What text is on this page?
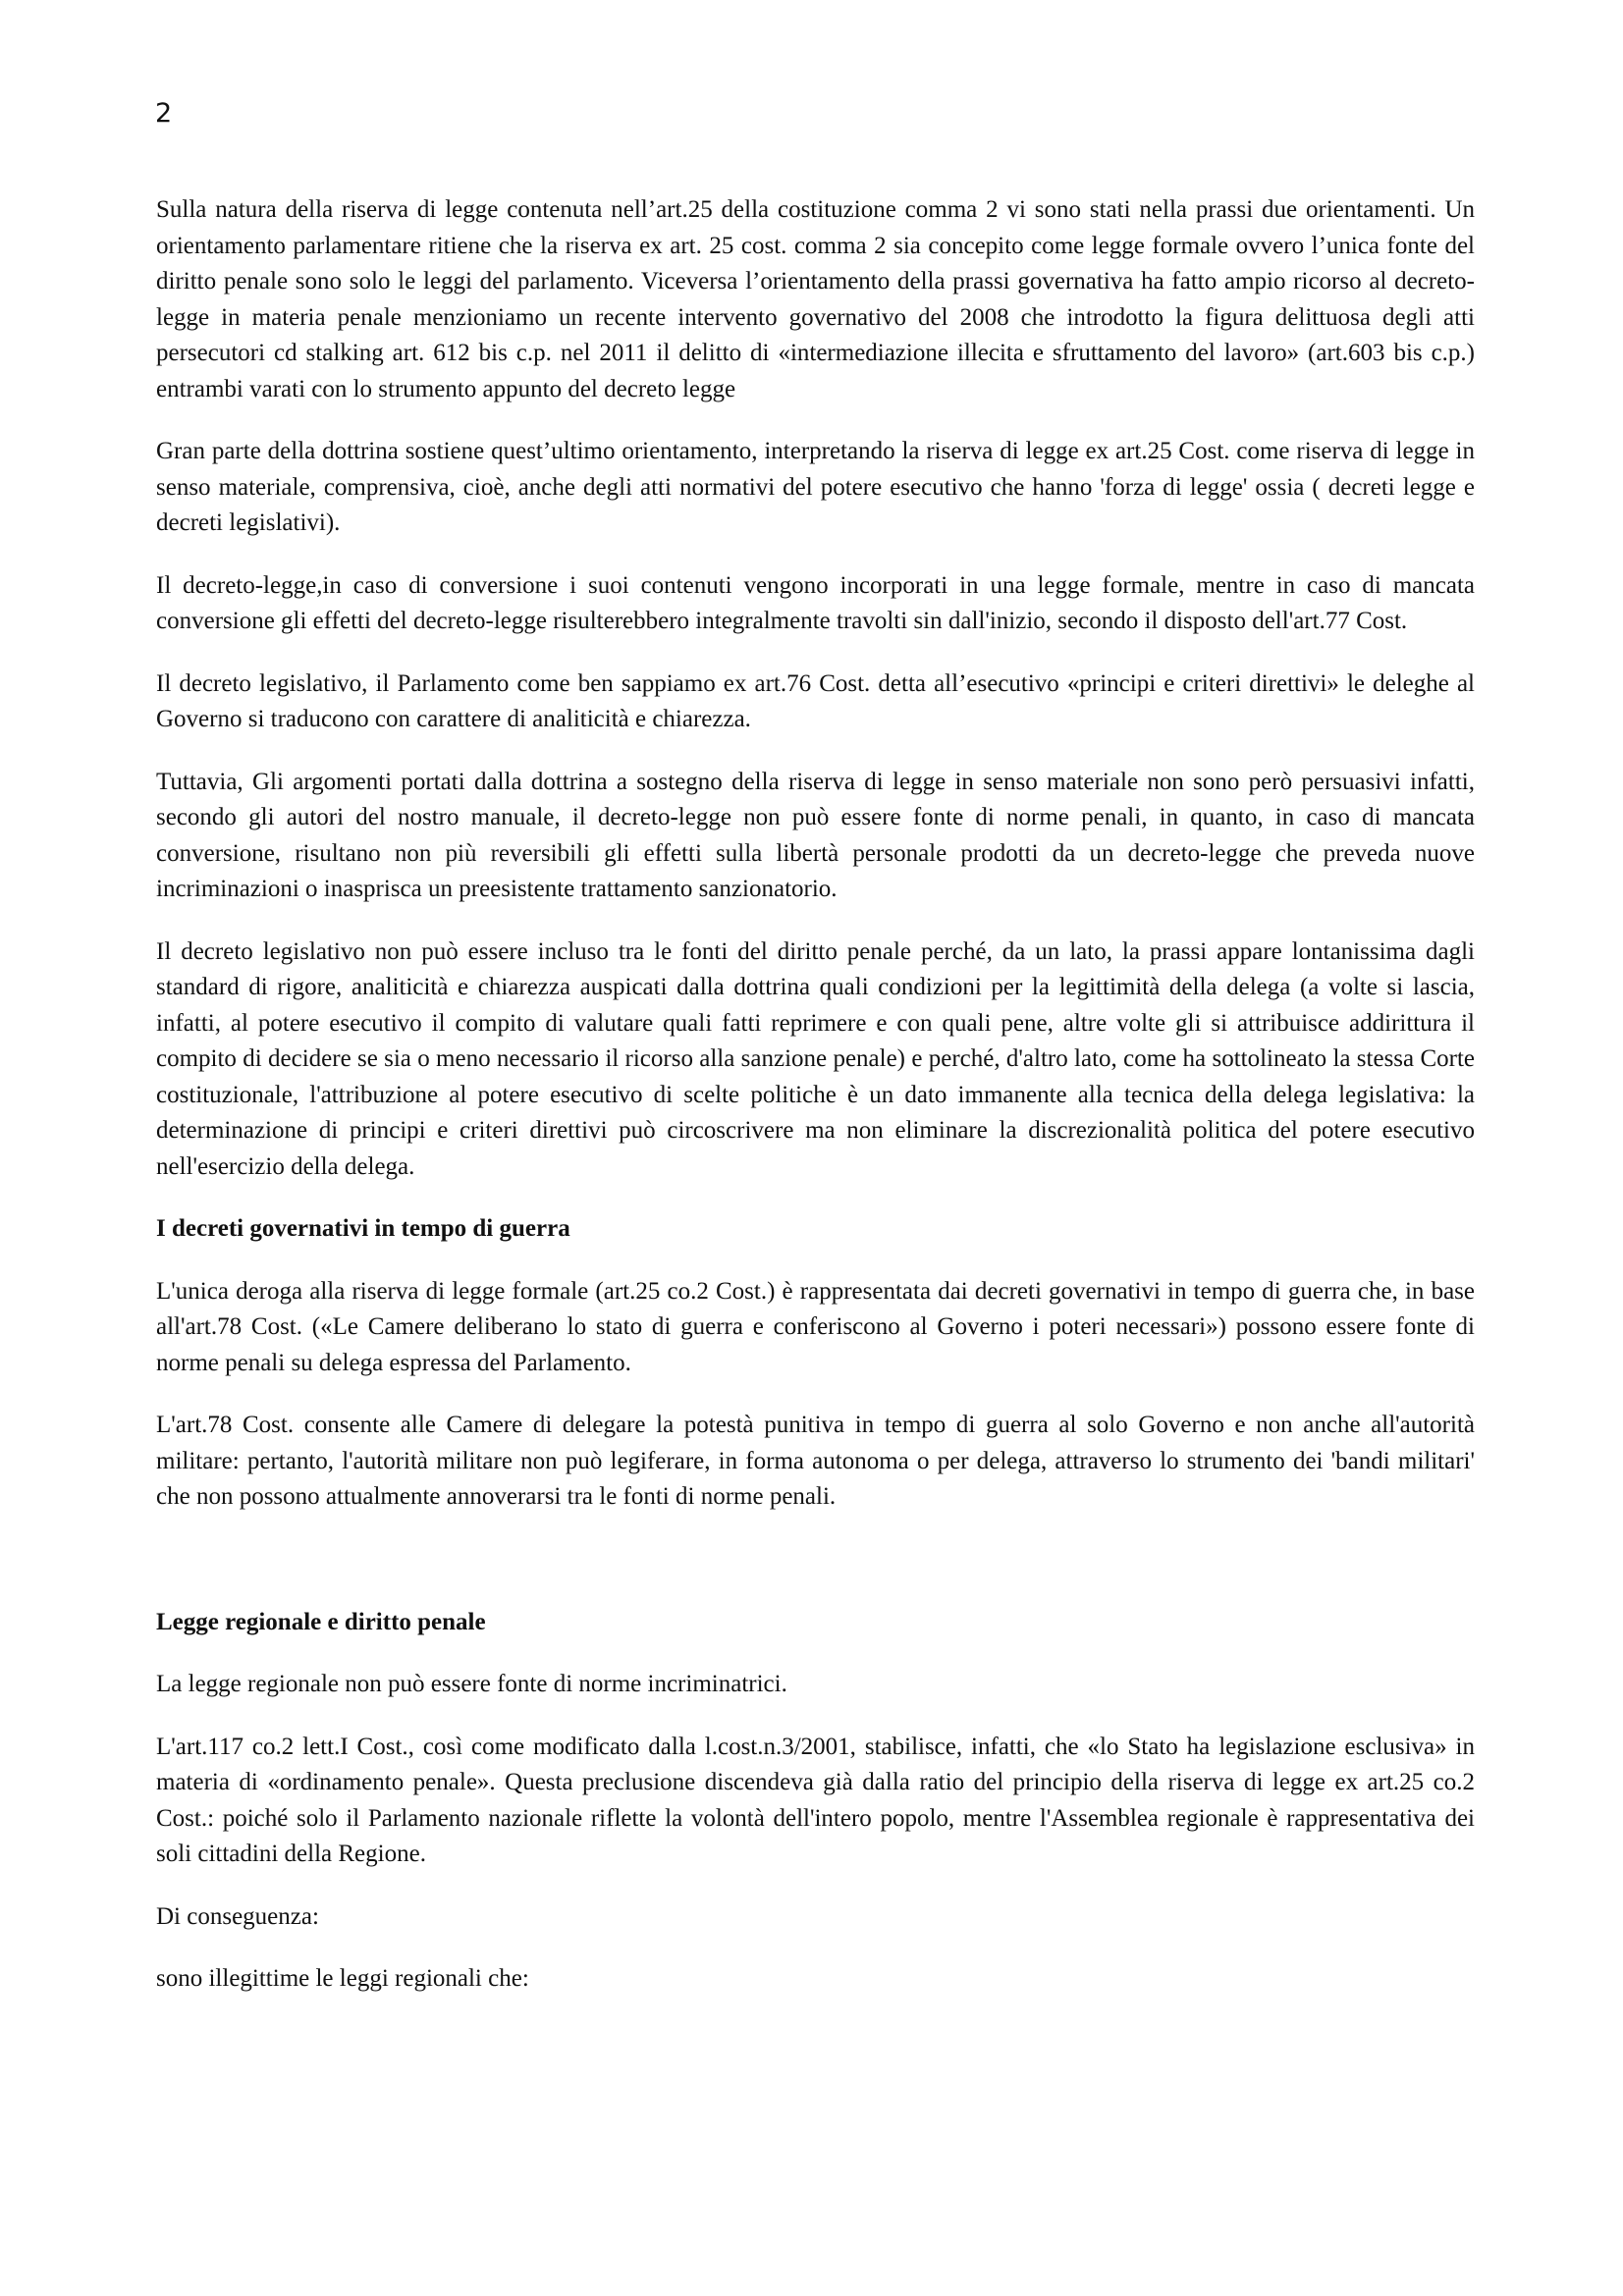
2

Sulla natura della riserva di legge contenuta nell’art.25 della costituzione comma 2 vi sono stati nella prassi due orientamenti. Un orientamento parlamentare ritiene che la riserva ex art. 25 cost. comma 2 sia concepito come legge formale ovvero l’unica fonte del diritto penale sono solo le leggi del parlamento. Viceversa l’orientamento della prassi governativa ha fatto ampio ricorso al decreto-legge in materia penale menzioniamo un recente intervento governativo del 2008 che introdotto la figura delittuosa degli atti persecutori cd stalking art. 612 bis c.p. nel 2011 il delitto di «intermediazione illecita e sfruttamento del lavoro» (art.603 bis c.p.) entrambi varati con lo strumento appunto del decreto legge

Gran parte della dottrina sostiene quest’ultimo orientamento, interpretando la riserva di legge ex art.25 Cost. come riserva di legge in senso materiale, comprensiva, cioè, anche degli atti normativi del potere esecutivo che hanno 'forza di legge' ossia ( decreti legge e decreti legislativi).

Il decreto-legge,in caso di conversione i suoi contenuti vengono incorporati in una legge formale, mentre in caso di mancata conversione gli effetti del decreto-legge risulterebbero integralmente travolti sin dall'inizio, secondo il disposto dell'art.77 Cost.

Il decreto legislativo, il Parlamento come ben sappiamo ex art.76 Cost. detta all’esecutivo «principi e criteri direttivi» le deleghe al Governo si traducono con carattere di analiticità e chiarezza.

Tuttavia, Gli argomenti portati dalla dottrina a sostegno della riserva di legge in senso materiale non sono però persuasivi infatti, secondo gli autori del nostro manuale, il decreto-legge non può essere fonte di norme penali, in quanto, in caso di mancata conversione, risultano non più reversibili gli effetti sulla libertà personale prodotti da un decreto-legge che preveda nuove incriminazioni o inasprisca un preesistente trattamento sanzionatorio.

Il decreto legislativo non può essere incluso tra le fonti del diritto penale perché, da un lato, la prassi appare lontanissima dagli standard di rigore, analiticità e chiarezza auspicati dalla dottrina quali condizioni per la legittimità della delega (a volte si lascia, infatti, al potere esecutivo il compito di valutare quali fatti reprimere e con quali pene, altre volte gli si attribuisce addirittura il compito di decidere se sia o meno necessario il ricorso alla sanzione penale) e perché, d'altro lato, come ha sottolineato la stessa Corte costituzionale, l'attribuzione al potere esecutivo di scelte politiche è un dato immanente alla tecnica della delega legislativa: la determinazione di principi e criteri direttivi può circoscrivere ma non eliminare la discrezionalità politica del potere esecutivo nell'esercizio della delega.

I decreti governativi in tempo di guerra

L'unica deroga alla riserva di legge formale (art.25 co.2 Cost.) è rappresentata dai decreti governativi in tempo di guerra che, in base all'art.78 Cost. («Le Camere deliberano lo stato di guerra e conferiscono al Governo i poteri necessari») possono essere fonte di norme penali su delega espressa del Parlamento.

L'art.78 Cost. consente alle Camere di delegare la potestà punitiva in tempo di guerra al solo Governo e non anche all'autorità militare: pertanto, l'autorità militare non può legiferare, in forma autonoma o per delega, attraverso lo strumento dei 'bandi militari' che non possono attualmente annoverarsi tra le fonti di norme penali.

Legge regionale e diritto penale

La legge regionale non può essere fonte di norme incriminatrici.

L'art.117 co.2 lett.I Cost., così come modificato dalla l.cost.n.3/2001, stabilisce, infatti, che «lo Stato ha legislazione esclusiva» in materia di «ordinamento penale». Questa preclusione discendeva già dalla ratio del principio della riserva di legge ex art.25 co.2 Cost.: poiché solo il Parlamento nazionale riflette la volontà dell'intero popolo, mentre l'Assemblea regionale è rappresentativa dei soli cittadini della Regione.

Di conseguenza:

sono illegittime le leggi regionali che:
